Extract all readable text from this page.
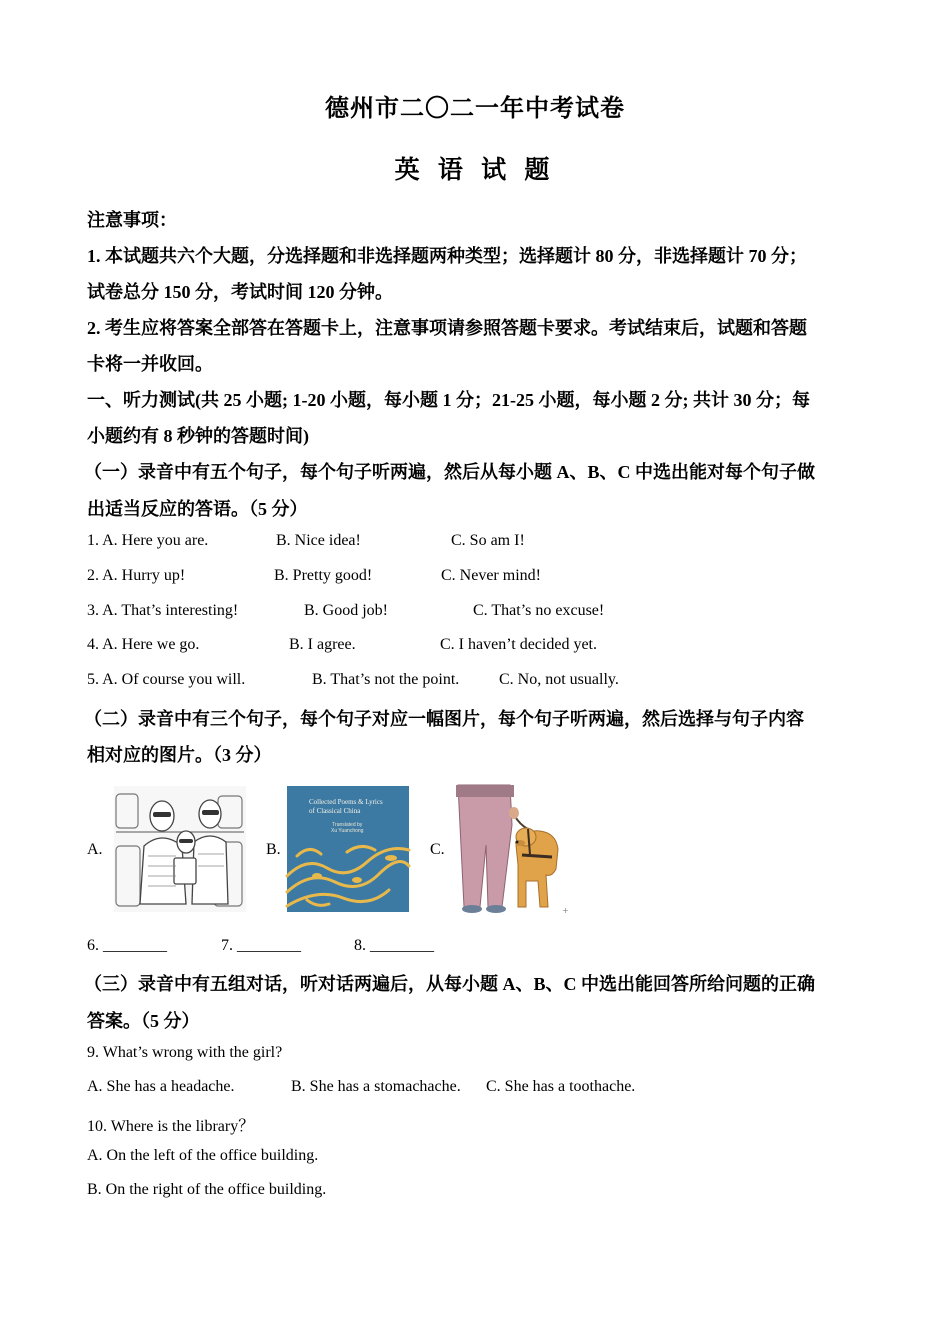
德州市二〇二一年中考试卷
英 语 试 题
注意事项：
1. 本试题共六个大题，分选择题和非选择题两种类型；选择题计 80 分，非选择题计 70 分；
试卷总分 150 分，考试时间 120 分钟。
2. 考生应将答案全部答在答题卡上，注意事项请参照答题卡要求。考试结束后，试题和答题
卡将一并收回。
一、听力测试(共 25 小题; 1-20 小题，每小题 1 分；21-25 小题，每小题 2 分; 共计 30 分；每
小题约有 8 秒钟的答题时间)
（一）录音中有五个句子，每个句子听两遍，然后从每小题 A、B、C 中选出能对每个句子做
出适当反应的答语。（5 分）
1. A. Here you are.	B. Nice idea!	C. So am I!
2. A. Hurry up!	B. Pretty good!	C. Never mind!
3. A. That’s interesting!	B. Good job!	C. That’s no excuse!
4. A. Here we go.	B. I agree.	C. I haven’t decided yet.
5. A. Of course you will.	B. That’s not the point. C. No, not usually.
（二）录音中有三个句子，每个句子对应一幅图片，每个句子听两遍，然后选择与句子内容
相对应的图片。（3 分）
A.	B.
Collected Poems & Lyrics
of Classical China
Translated by
Xu Yuanchong
C.
+
6. ________	7. ________	8. ________
（三）录音中有五组对话，听对话两遍后，从每小题 A、B、C 中选出能回答所给问题的正确
答案。（5 分）
9. What’s wrong with the girl?
A. She has a headache.	B. She has a stomachache. C. She has a toothache.
10. Where is the library？
A. On the left of the office building.
B. On the right of the office building.
